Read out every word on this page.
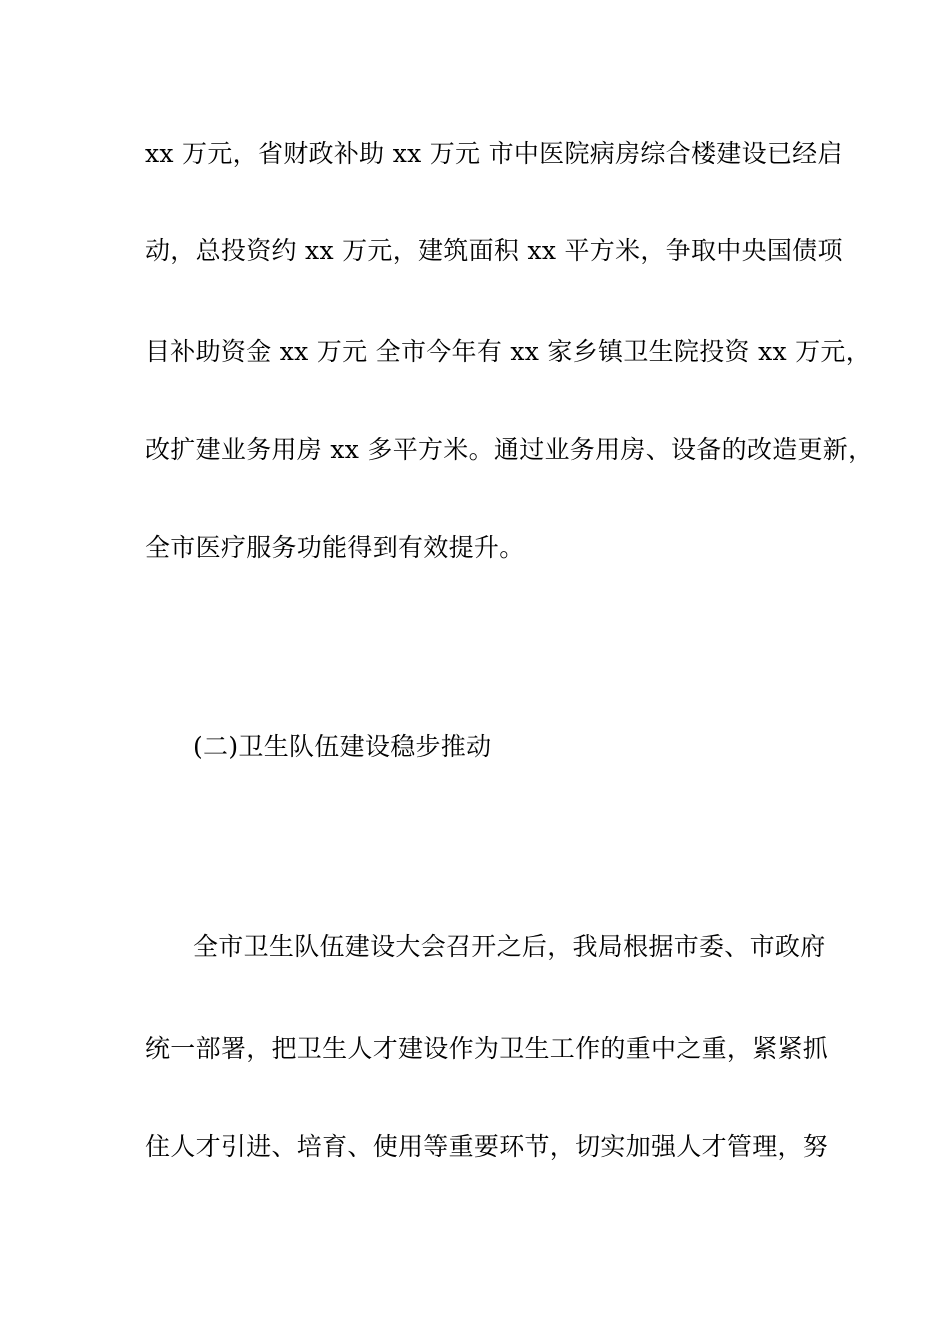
xx 万元，省财政补助 xx 万元 市中医院病房综合楼建设已经启
动，总投资约 xx 万元，建筑面积 xx 平方米，争取中央国债项
目补助资金 xx 万元 全市今年有 xx 家乡镇卫生院投资 xx 万元，
改扩建业务用房 xx 多平方米。通过业务用房、设备的改造更新，
全市医疗服务功能得到有效提升。
(二)卫生队伍建设稳步推动
全市卫生队伍建设大会召开之后，我局根据市委、市政府
统一部署，把卫生人才建设作为卫生工作的重中之重，紧紧抓
住人才引进、培育、使用等重要环节，切实加强人才管理，努
